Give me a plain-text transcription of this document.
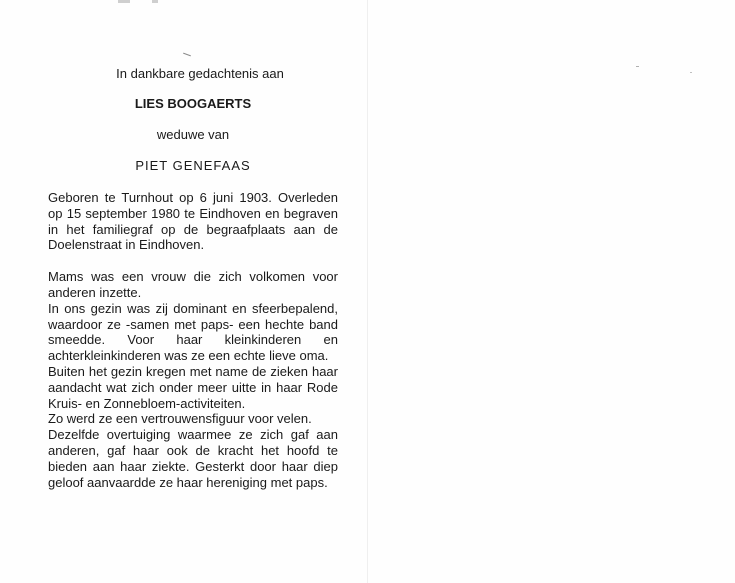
In dankbare gedachtenis aan

LIES BOOGAERTS

weduwe van

PIET GENEFAAS

Geboren te Turnhout op 6 juni 1903. Overleden op 15 september 1980 te Eindhoven en begraven in het familiegraf op de begraafplaats aan de Doelenstraat in Eindhoven.

Mams was een vrouw die zich volkomen voor anderen inzette.

In ons gezin was zij dominant en sfeerbepalend, waardoor ze -samen met paps- een hechte band smeedde. Voor haar kleinkinderen en achterkleinkinderen was ze een echte lieve oma.

Buiten het gezin kregen met name de zieken haar aandacht wat zich onder meer uitte in haar Rode Kruis- en Zonnebloem-activiteiten.

Zo werd ze een vertrouwensfiguur voor velen.

Dezelfde overtuiging waarmee ze zich gaf aan anderen, gaf haar ook de kracht het hoofd te bieden aan haar ziekte. Gesterkt door haar diep geloof aanvaardde ze haar hereniging met paps.
